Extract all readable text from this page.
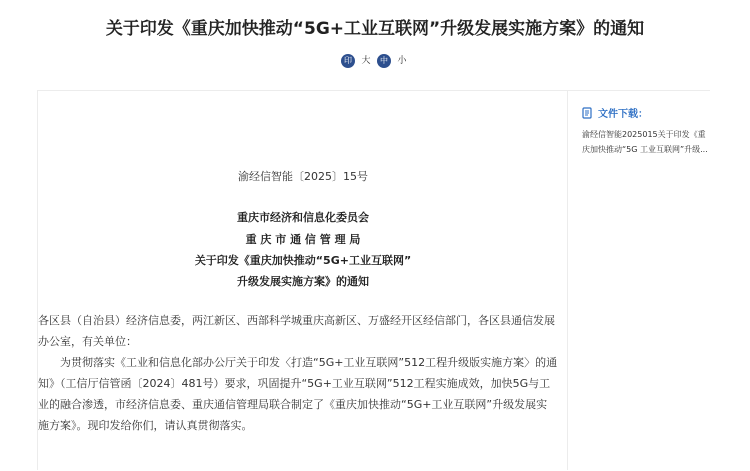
关于印发《重庆加快推动“5G+工业互联网”升级发展实施方案》的通知
印	大	中	小
渝经信智能〔2025〕15号
重庆市经济和信息化委员会
重 庆 市 通 信 管 理 局
关于印发《重庆加快推动“5G+工业互联网”
升级发展实施方案》的通知

各区县（自治县）经济信息委，两江新区、西部科学城重庆高新区、万盛经开区经信部门，各区县通信发展办公室，有关单位：

为贯彻落实《工业和信息化部办公厅关于印发〈打造“5G+工业互联网”512工程升级版实施方案〉的通知》（工信厅信管函〔2024〕481号）要求，巩固提升“5G+工业互联网”512工程实施成效，加快5G与工业的融合渗透，市经济信息委、重庆通信管理局联合制定了《重庆加快推动“5G+工业互联网”升级发展实施方案》。现印发给你们，请认真贯彻落实。

文件下载：
渝经信智能2025015关于印发《重庆加快推动“5G 工业互联网”升级...
